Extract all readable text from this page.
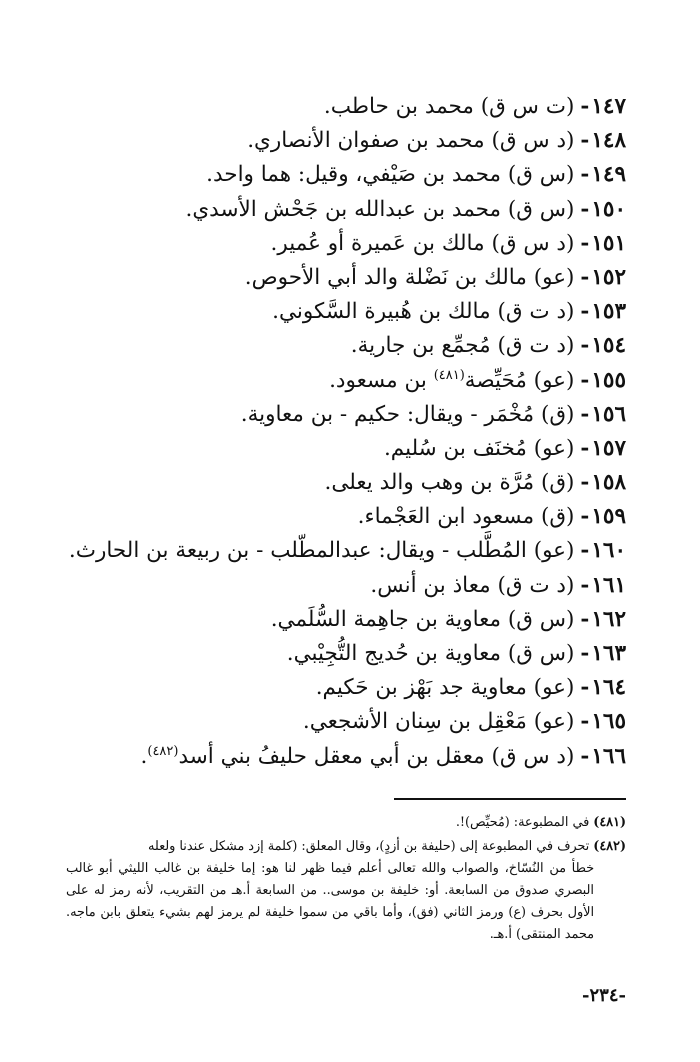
١٤٧-(ت س ق) محمد بن حاطب.
١٤٨-(د س ق) محمد بن صفوان الأنصاري.
١٤٩-(س ق) محمد بن صَيْفي، وقيل: هما واحد.
١٥٠-(س ق) محمد بن عبدالله بن جَحْش الأسدي.
١٥١-(د س ق) مالك بن عَميرة أو عُمير.
١٥٢-(عو) مالك بن نَضْلة والد أبي الأحوص.
١٥٣-(د ت ق) مالك بن هُبيرة السَّكوني.
١٥٤-(د ت ق) مُجمِّع بن جارية.
١٥٥-(عو) مُحَيِّصة$^{(٤٨١)}$ بن مسعود.
١٥٦-(ق) مُخْمَر - ويقال: حكيم - بن معاوية.
١٥٧-(عو) مُخنَف بن سُليم.
١٥٨-(ق) مُرَّة بن وهب والد يعلى.
١٥٩-(ق) مسعود ابن العَجْماء.
١٦٠-(عو) المُطَّلب - ويقال: عبدالمطّلب - بن ربيعة بن الحارث.
١٦١-(د ت ق) معاذ بن أنس.
١٦٢-(س ق) معاوية بن جاهِمة السُّلَمي.
١٦٣-(س ق) معاوية بن حُديج التُّجِيْبي.
١٦٤-(عو) معاوية جد بَهْز بن حَكيم.
١٦٥-(عو) مَعْقِل بن سِنان الأشجعي.
١٦٦-(د س ق) معقل بن أبي معقل حليفُ بني أسد$^{(٤٨٢)}$.

(٤٨١)في المطبوعة: (مُحيِّص)!.

(٤٨٢)تحرف في المطبوعة إلى (حليفة بن أزدٍ)، وقال المعلق: (كلمة إزد مشكل عندنا ولعله
خطأ من النُسّاخ، والصواب والله تعالى أعلم فيما ظهر لنا هو: إما خليفة بن غالب الليثي أبو غالب البصري صدوق من السابعة. أو: خليفة بن موسى.. من السابعة أ.هـ من التقريب، لأنه رمز له على الأول بحرف (ع) ورمز الثاني (فق)، وأما باقي من سموا خليفة لم يرمز لهم بشيء يتعلق بابن ماجه. محمد المنتقى) أ.هـ.

-٢٣٤-
